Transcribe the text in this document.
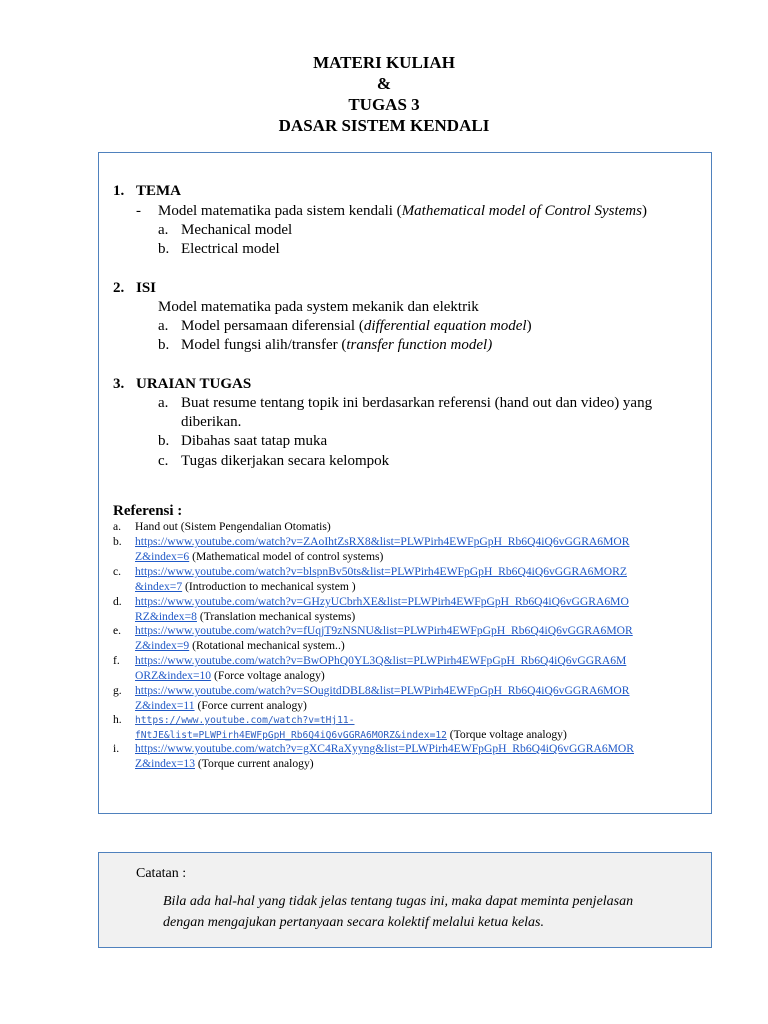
MATERI KULIAH

&

TUGAS 3

DASAR SISTEM KENDALI

1. TEMA
- Model matematika pada sistem kendali (Mathematical model of Control Systems)
a. Mechanical model
b. Electrical model
2. ISI
Model matematika pada system mekanik dan elektrik
a. Model persamaan diferensial (differential equation model)
b. Model fungsi alih/transfer (transfer function model)
3. URAIAN TUGAS
a. Buat resume tentang topik ini berdasarkan referensi (hand out dan video) yang
diberikan.
b. Dibahas saat tatap muka
c. Tugas dikerjakan secara kelompok
Referensi :
a.	Hand out (Sistem Pengendalian Otomatis)
b.	https://www.youtube.com/watch?v=ZAoIhtZsRX8&list=PLWPirh4EWFpGpH_Rb6Q4iQ6vGGRA6MOR
Z&index=6 (Mathematical model of control systems)
c.	https://www.youtube.com/watch?v=blspnBv50ts&list=PLWPirh4EWFpGpH_Rb6Q4iQ6vGGRA6MORZ
&index=7 (Introduction to mechanical system )
d.	https://www.youtube.com/watch?v=GHzyUCbrhXE&list=PLWPirh4EWFpGpH_Rb6Q4iQ6vGGRA6MO
RZ&index=8 (Translation mechanical systems)
e.	https://www.youtube.com/watch?v=fUqjT9zNSNU&list=PLWPirh4EWFpGpH_Rb6Q4iQ6vGGRA6MOR
Z&index=9 (Rotational mechanical system..)
f.	https://www.youtube.com/watch?v=BwOPhQ0YL3Q&list=PLWPirh4EWFpGpH_Rb6Q4iQ6vGGRA6M
ORZ&index=10 (Force voltage analogy)
g.	https://www.youtube.com/watch?v=SOugitdDBL8&list=PLWPirh4EWFpGpH_Rb6Q4iQ6vGGRA6MOR
Z&index=11 (Force current analogy)
h.	https://www.youtube.com/watch?v=tHj11-
fNtJE&list=PLWPirh4EWFpGpH_Rb6Q4iQ6vGGRA6MORZ&index=12 (Torque voltage analogy)
i.	https://www.youtube.com/watch?v=gXC4RaXyyng&list=PLWPirh4EWFpGpH_Rb6Q4iQ6vGGRA6MOR
Z&index=13 (Torque current analogy)
Catatan :
Bila ada hal-hal yang tidak jelas tentang tugas ini, maka dapat meminta penjelasan
dengan mengajukan pertanyaan secara kolektif melalui ketua kelas.
